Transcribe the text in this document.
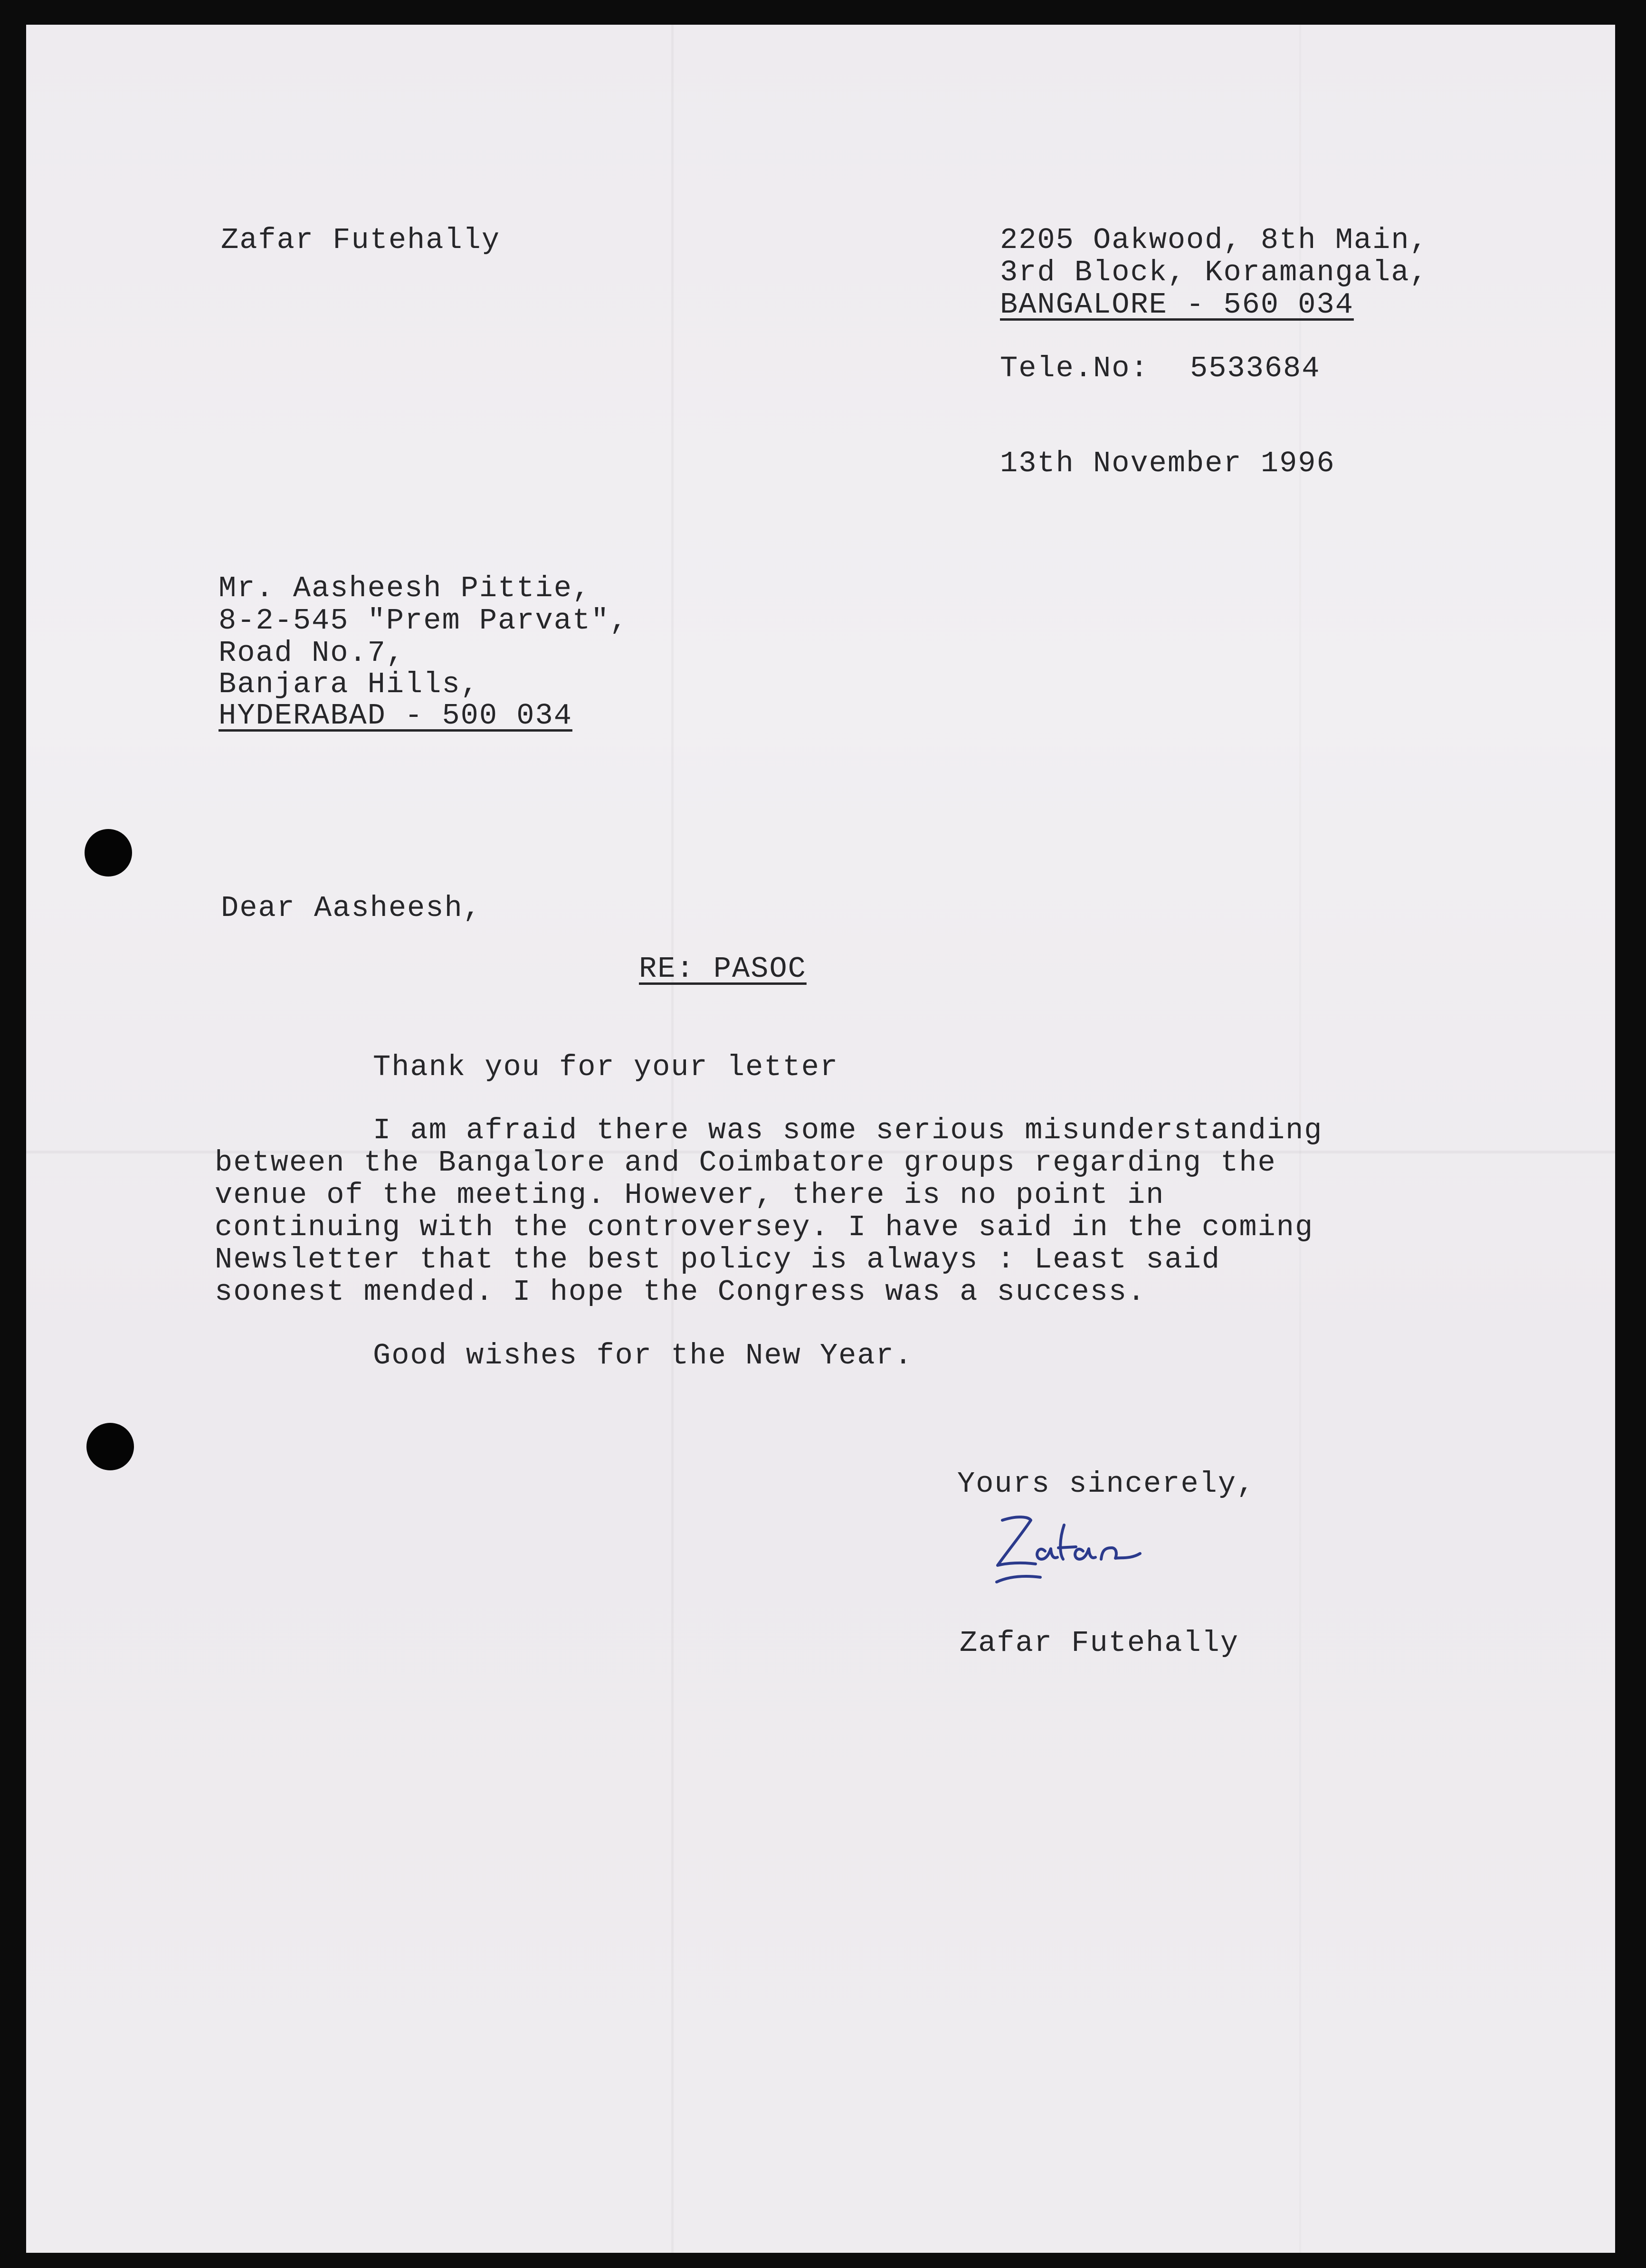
Zafar Futehally	2205 Oakwood, 8th Main,
3rd Block, Koramangala,
BANGALORE - 560 034
Tele.No: 5533684
13th November 1996
Mr. Aasheesh Pittie,
8-2-545 "Prem Parvat",
Road No.7,
Banjara Hills,
HYDERABAD - 500 034
Dear Aasheesh,
RE: PASOC
Thank you for your letter
I am afraid there was some serious misunderstanding
between the Bangalore and Coimbatore groups regarding the
venue of the meeting. However, there is no point in
continuing with the controversey. I have said in the coming
Newsletter that the best policy is always : Least said
soonest mended. I hope the Congress was a success.
Good wishes for the New Year.
Yours sincerely,
Zafar Futehally
